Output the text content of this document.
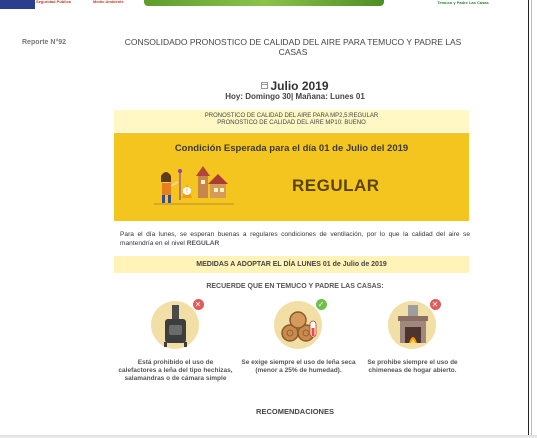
Seguridad Pública	Medio Ambiente	Temuco y Padre Las Casas
Reporte N°92	CONSOLIDADO PRONOSTICO DE CALIDAD DEL AIRE PARA TEMUCO Y PADRE LAS CASAS
Julio 2019
Hoy: Domingo 30| Mañana: Lunes 01
PRONOSTICO DE CALIDAD DEL AIRE PARA MP2,5:REGULAR
PRONOSTICO DE CALIDAD DEL AIRE MP10: BUENO
Condición Esperada para el día 01 de Julio del 2019
!	REGULAR
Para el día lunes, se esperan buenas a regulares condiciones de ventilación, por lo que la calidad del aire se mantendría en el nivel REGULAR
MEDIDAS A ADOPTAR EL DÍA LUNES 01 de Julio de 2019
RECUERDE QUE EN TEMUCO Y PADRE LAS CASAS:
✕
Está prohibido el uso de calefactores a leña del tipo hechizas, salamandras o de cámara simple
✓
Se exige siempre el uso de leña seca (menor a 25% de humedad).
✕
Se prohibe siempre el uso de chimeneas de hogar abierto.
RECOMENDACIONES
